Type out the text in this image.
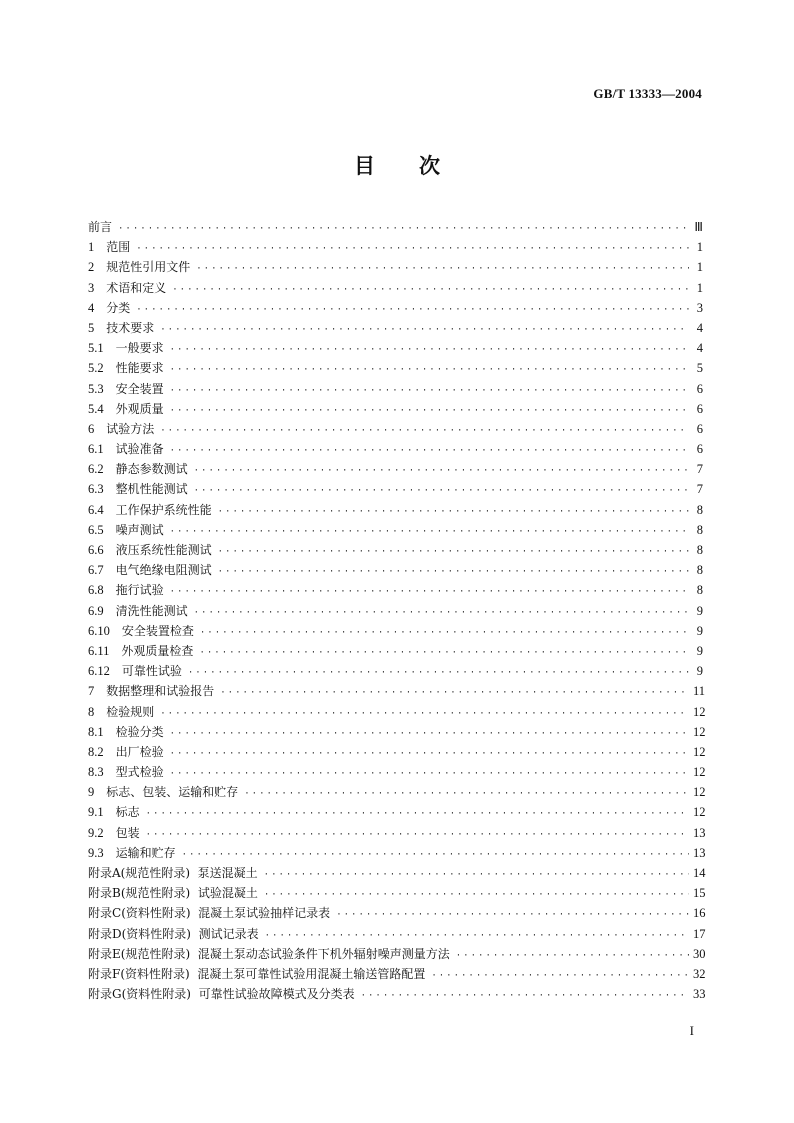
GB/T 13333—2004
目次
前言 ·····	Ⅲ
1 范围 ·····	1
2 规范性引用文件 ·····	1
3 术语和定义 ·····	1
4 分类 ·····	3
5 技术要求 ·····	4
5.1 一般要求 ·····	4
5.2 性能要求 ·····	5
5.3 安全装置 ·····	6
5.4 外观质量 ·····	6
6 试验方法 ·····	6
6.1 试验准备 ·····	6
6.2 静态参数测试 ·····	7
6.3 整机性能测试 ·····	7
6.4 工作保护系统性能 ·····	8
6.5 噪声测试 ·····	8
6.6 液压系统性能测试 ·····	8
6.7 电气绝缘电阻测试 ·····	8
6.8 拖行试验 ·····	8
6.9 清洗性能测试 ·····	9
6.10 安全装置检查 ·····	9
6.11 外观质量检查 ·····	9
6.12 可靠性试验 ·····	9
7 数据整理和试验报告 ·····	11
8 检验规则 ·····	12
8.1 检验分类 ·····	12
8.2 出厂检验 ·····	12
8.3 型式检验 ·····	12
9 标志、包装、运输和贮存 ·····	12
9.1 标志 ·····	12
9.2 包装 ·····	13
9.3 运输和贮存 ·····	13
附录A (规范性附录)  泵送混凝土 ·····	14
附录B (规范性附录)  试验混凝土 ·····	15
附录C (资料性附录)  混凝土泵试验抽样记录表 ·····	16
附录D (资料性附录)  测试记录表 ·····	17
附录E (规范性附录)  混凝土泵动态试验条件下机外辐射噪声测量方法 ·····	30
附录F (资料性附录)  混凝土泵可靠性试验用混凝土输送管路配置 ·····	32
附录G (资料性附录)  可靠性试验故障模式及分类表 ·····	33
I
